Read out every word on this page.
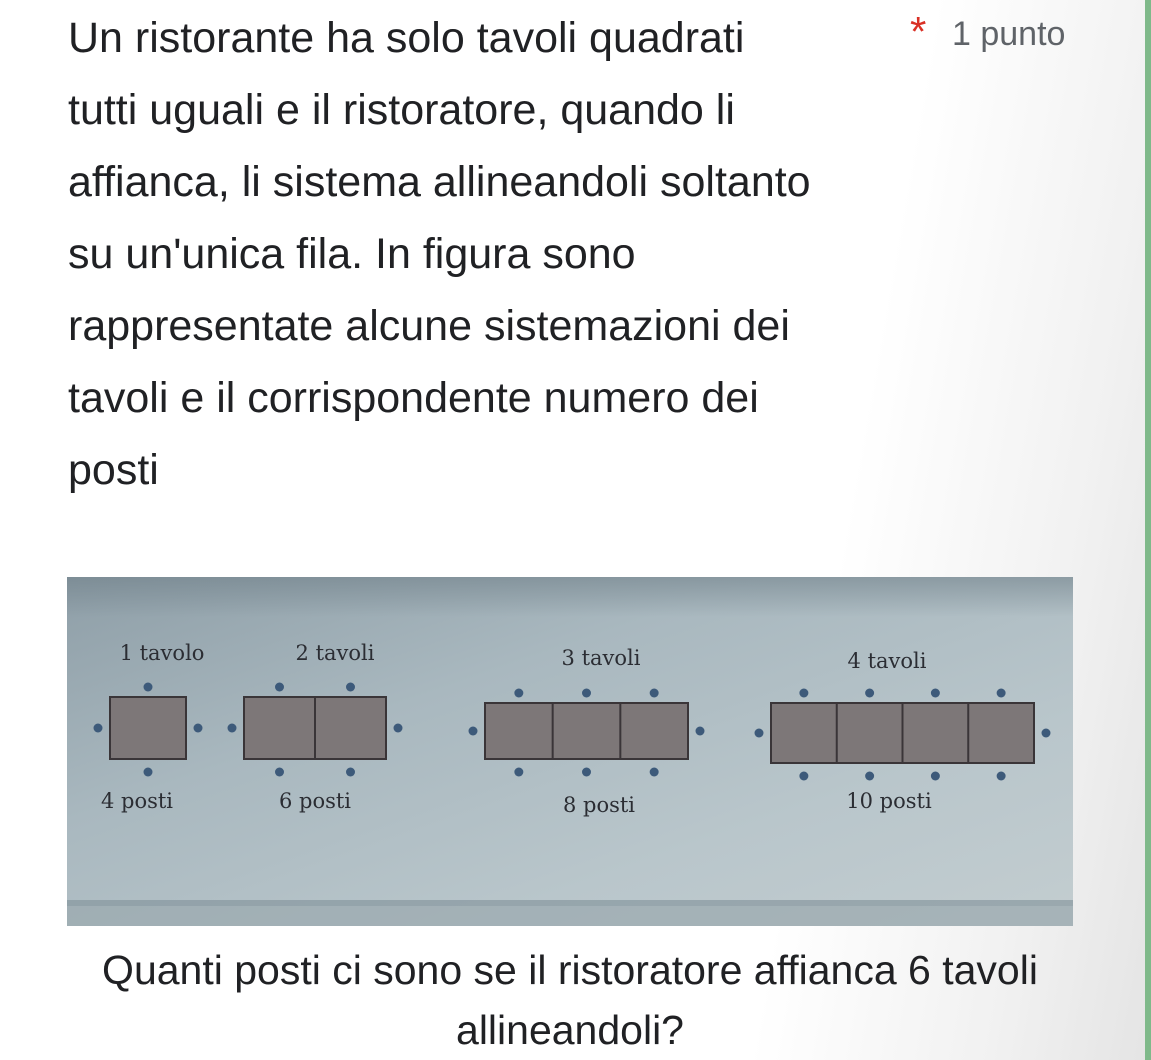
Un ristorante ha solo tavoli quadrati
tutti uguali e il ristoratore, quando li
affianca, li sistema allineandoli soltanto
su un'unica fila. In figura sono
rappresentate alcune sistemazioni dei
tavoli e il corrispondente numero dei
posti

* 1 punto
1 tavolo
4 posti
2 tavoli
6 posti
3 tavoli
8 posti
4 tavoli
10 posti

Quanti posti ci sono se il ristoratore affianca 6 tavoli
allineandoli?
